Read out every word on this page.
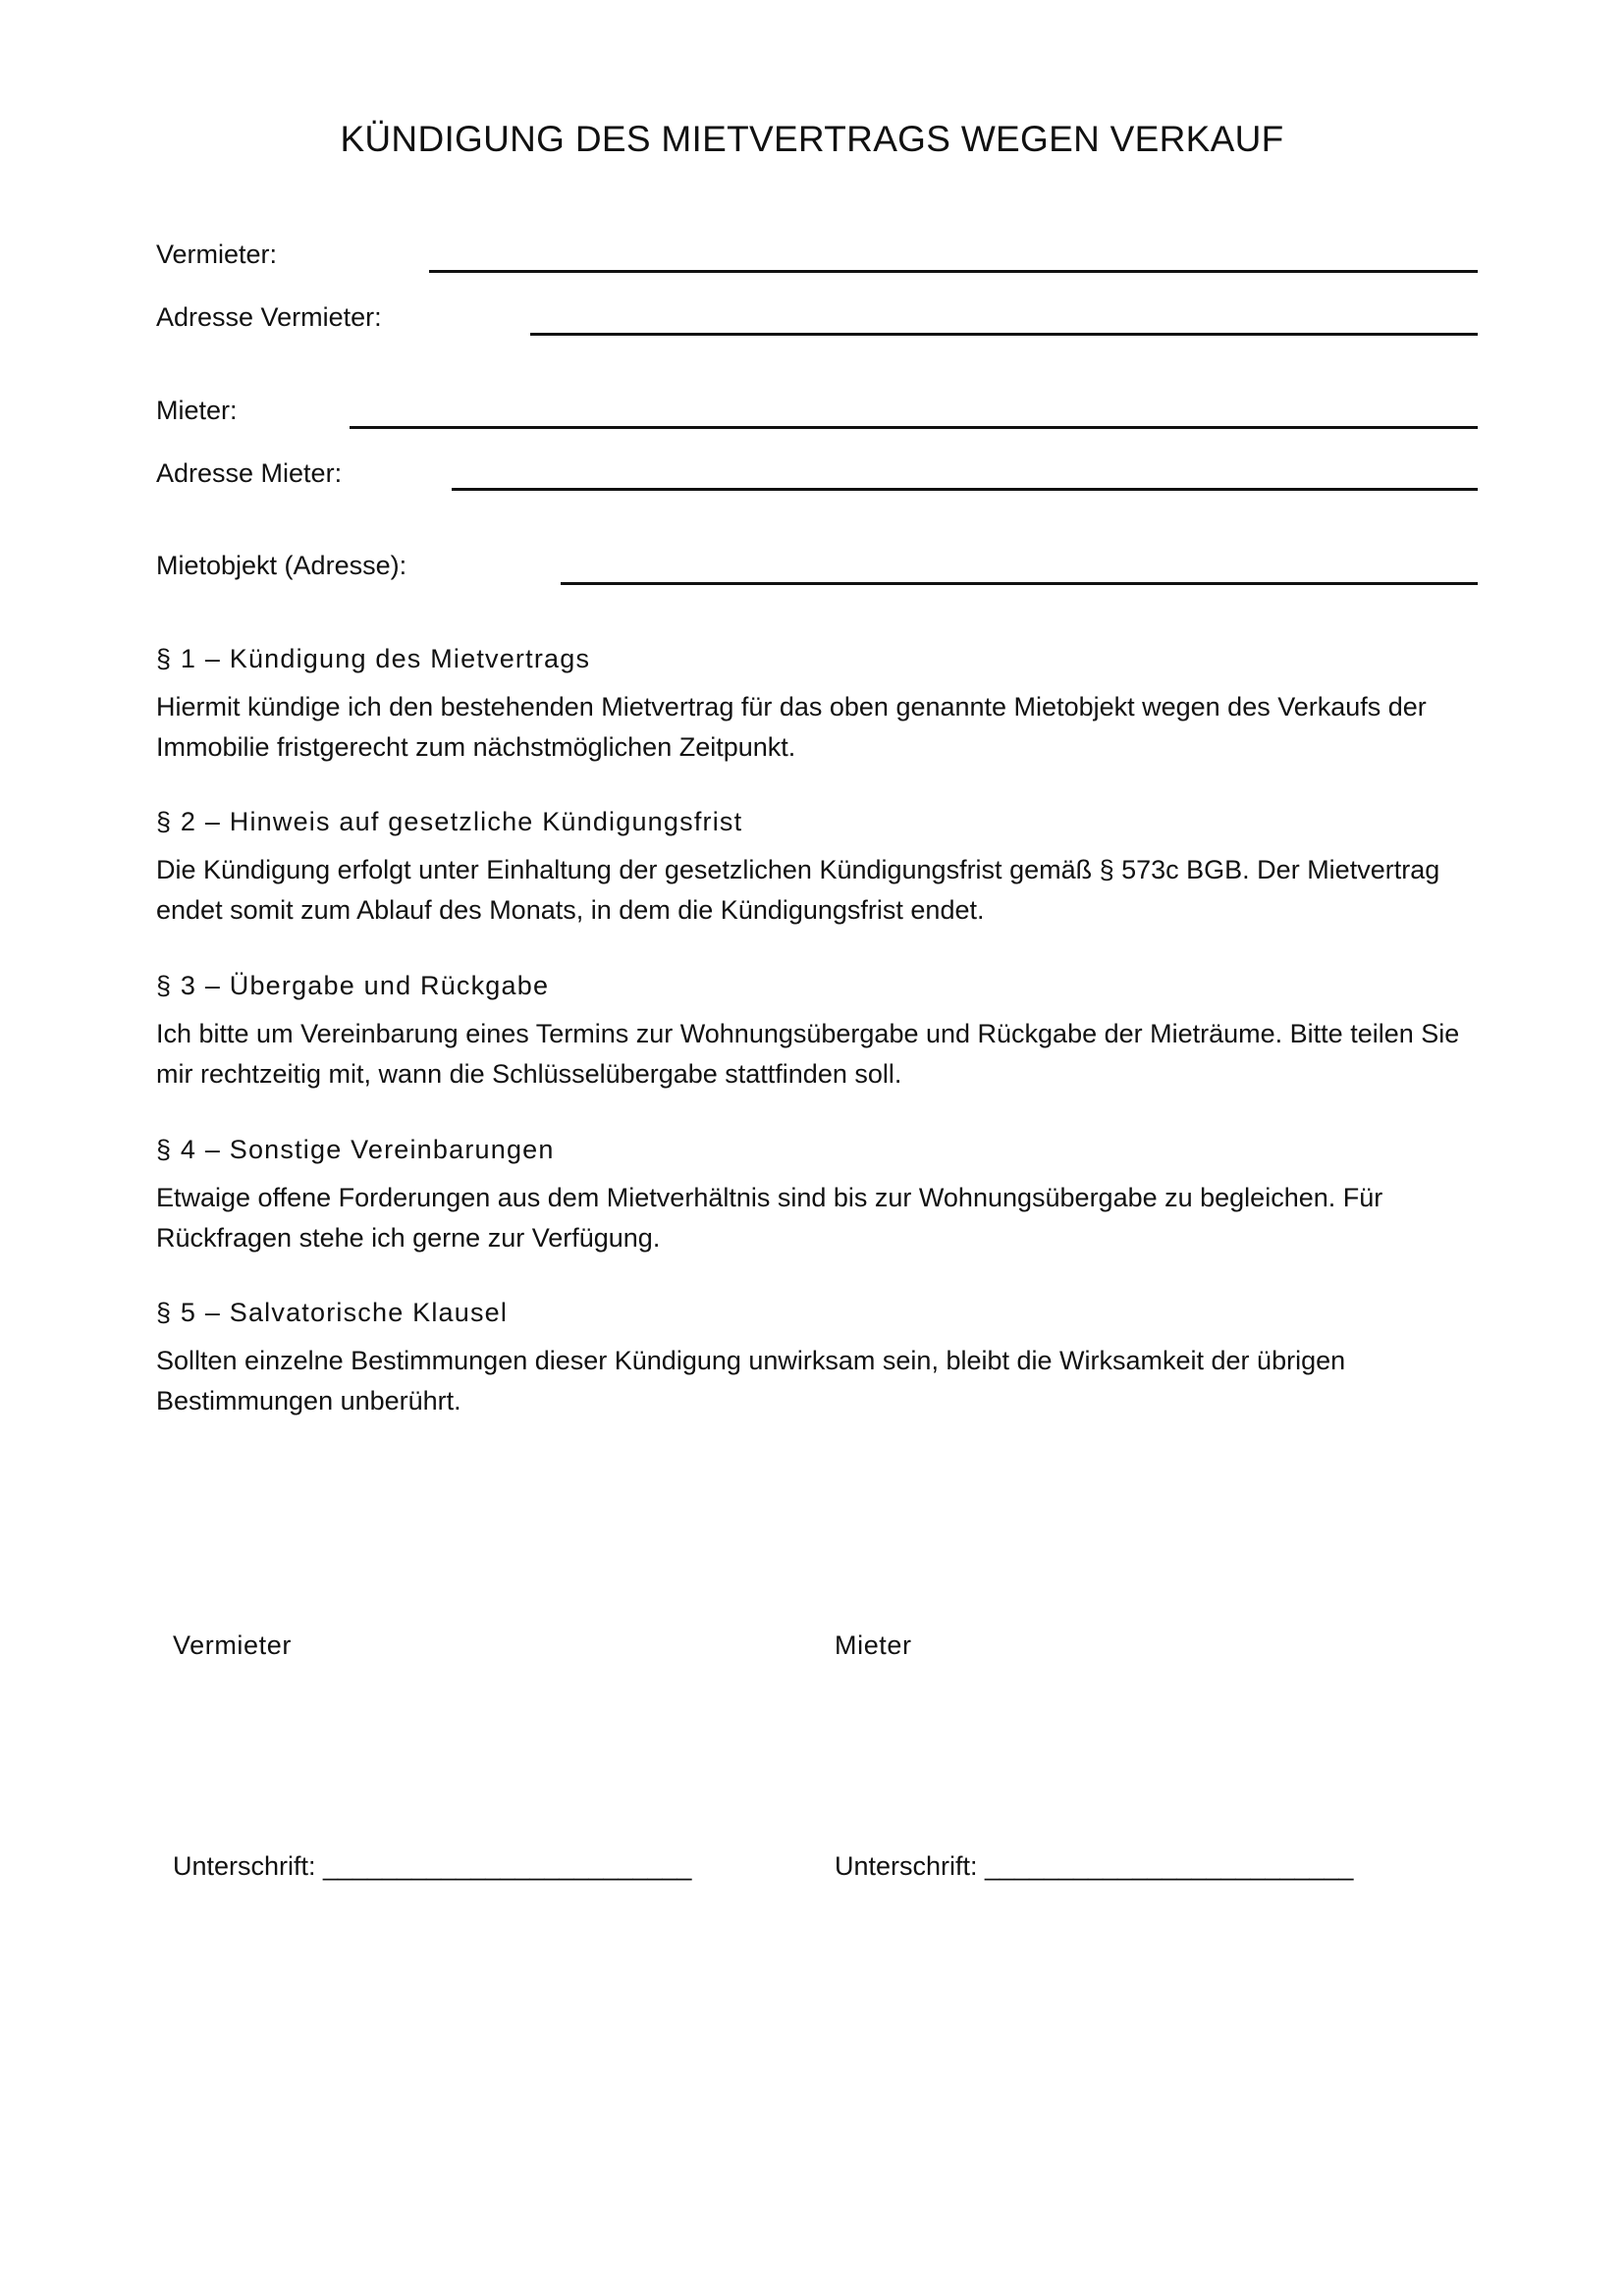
KÜNDIGUNG DES MIETVERTRAGS WEGEN VERKAUF
Vermieter:
Adresse Vermieter:
Mieter:
Adresse Mieter:
Mietobjekt (Adresse):

§ 1 – Kündigung des Mietvertrags

Hiermit kündige ich den bestehenden Mietvertrag für das oben genannte Mietobjekt wegen des Verkaufs der Immobilie fristgerecht zum nächstmöglichen Zeitpunkt.

§ 2 – Hinweis auf gesetzliche Kündigungsfrist

Die Kündigung erfolgt unter Einhaltung der gesetzlichen Kündigungsfrist gemäß § 573c BGB. Der Mietvertrag endet somit zum Ablauf des Monats, in dem die Kündigungsfrist endet.

§ 3 – Übergabe und Rückgabe

Ich bitte um Vereinbarung eines Termins zur Wohnungsübergabe und Rückgabe der Mieträume. Bitte teilen Sie mir rechtzeitig mit, wann die Schlüsselübergabe stattfinden soll.

§ 4 – Sonstige Vereinbarungen

Etwaige offene Forderungen aus dem Mietverhältnis sind bis zur Wohnungsübergabe zu begleichen. Für Rückfragen stehe ich gerne zur Verfügung.

§ 5 – Salvatorische Klausel

Sollten einzelne Bestimmungen dieser Kündigung unwirksam sein, bleibt die Wirksamkeit der übrigen Bestimmungen unberührt.

Vermieter	Mieter
Unterschrift: _________________________	Unterschrift: _________________________
